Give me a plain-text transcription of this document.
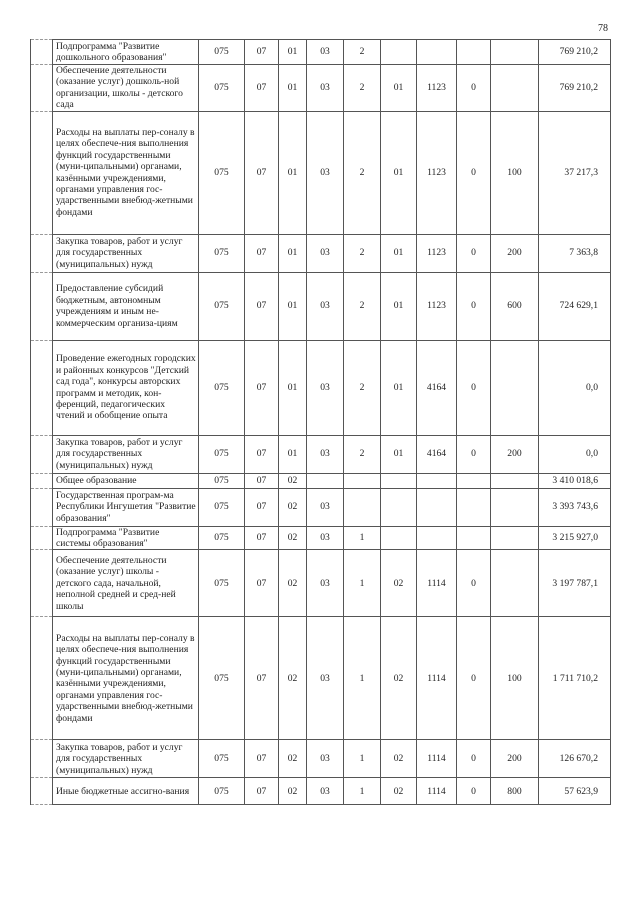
78
	Подпрограмма "Развитие дошкольного образования"	075	07	01	03	2					769 210,2
	Обеспечение деятельности (оказание услуг) дошколь-ной организации, школы - детского сада	075	07	01	03	2	01	1123	0		769 210,2
	Расходы на выплаты пер-соналу в целях обеспече-ния выполнения функций государственными (муни-ципальными) органами, казёнными учреждениями, органами управления гос-ударственными внебюд-жетными фондами	075	07	01	03	2	01	1123	0	100	37 217,3
	Закупка товаров, работ и услуг для государственных (муниципальных) нужд	075	07	01	03	2	01	1123	0	200	7 363,8
	Предоставление субсидий бюджетным, автономным учреждениям и иным не-коммерческим организа-циям	075	07	01	03	2	01	1123	0	600	724 629,1
	Проведение ежегодных городских и районных конкурсов "Детский сад года", конкурсы авторских программ и методик, кон-ференций, педагогических чтений и обобщение опыта	075	07	01	03	2	01	4164	0		0,0
	Закупка товаров, работ и услуг для государственных (муниципальных) нужд	075	07	01	03	2	01	4164	0	200	0,0
	Общее образование	075	07	02							3 410 018,6
	Государственная програм-ма Республики Ингушетия "Развитие образования"	075	07	02	03						3 393 743,6
	Подпрограмма "Развитие системы образования"	075	07	02	03	1					3 215 927,0
	Обеспечение деятельности (оказание услуг) школы - детского сада, начальной, неполной средней и сред-ней школы	075	07	02	03	1	02	1114	0		3 197 787,1
	Расходы на выплаты пер-соналу в целях обеспече-ния выполнения функций государственными (муни-ципальными) органами, казёнными учреждениями, органами управления гос-ударственными внебюд-жетными фондами	075	07	02	03	1	02	1114	0	100	1 711 710,2
	Закупка товаров, работ и услуг для государственных (муниципальных) нужд	075	07	02	03	1	02	1114	0	200	126 670,2
	Иные бюджетные ассигно-вания	075	07	02	03	1	02	1114	0	800	57 623,9
